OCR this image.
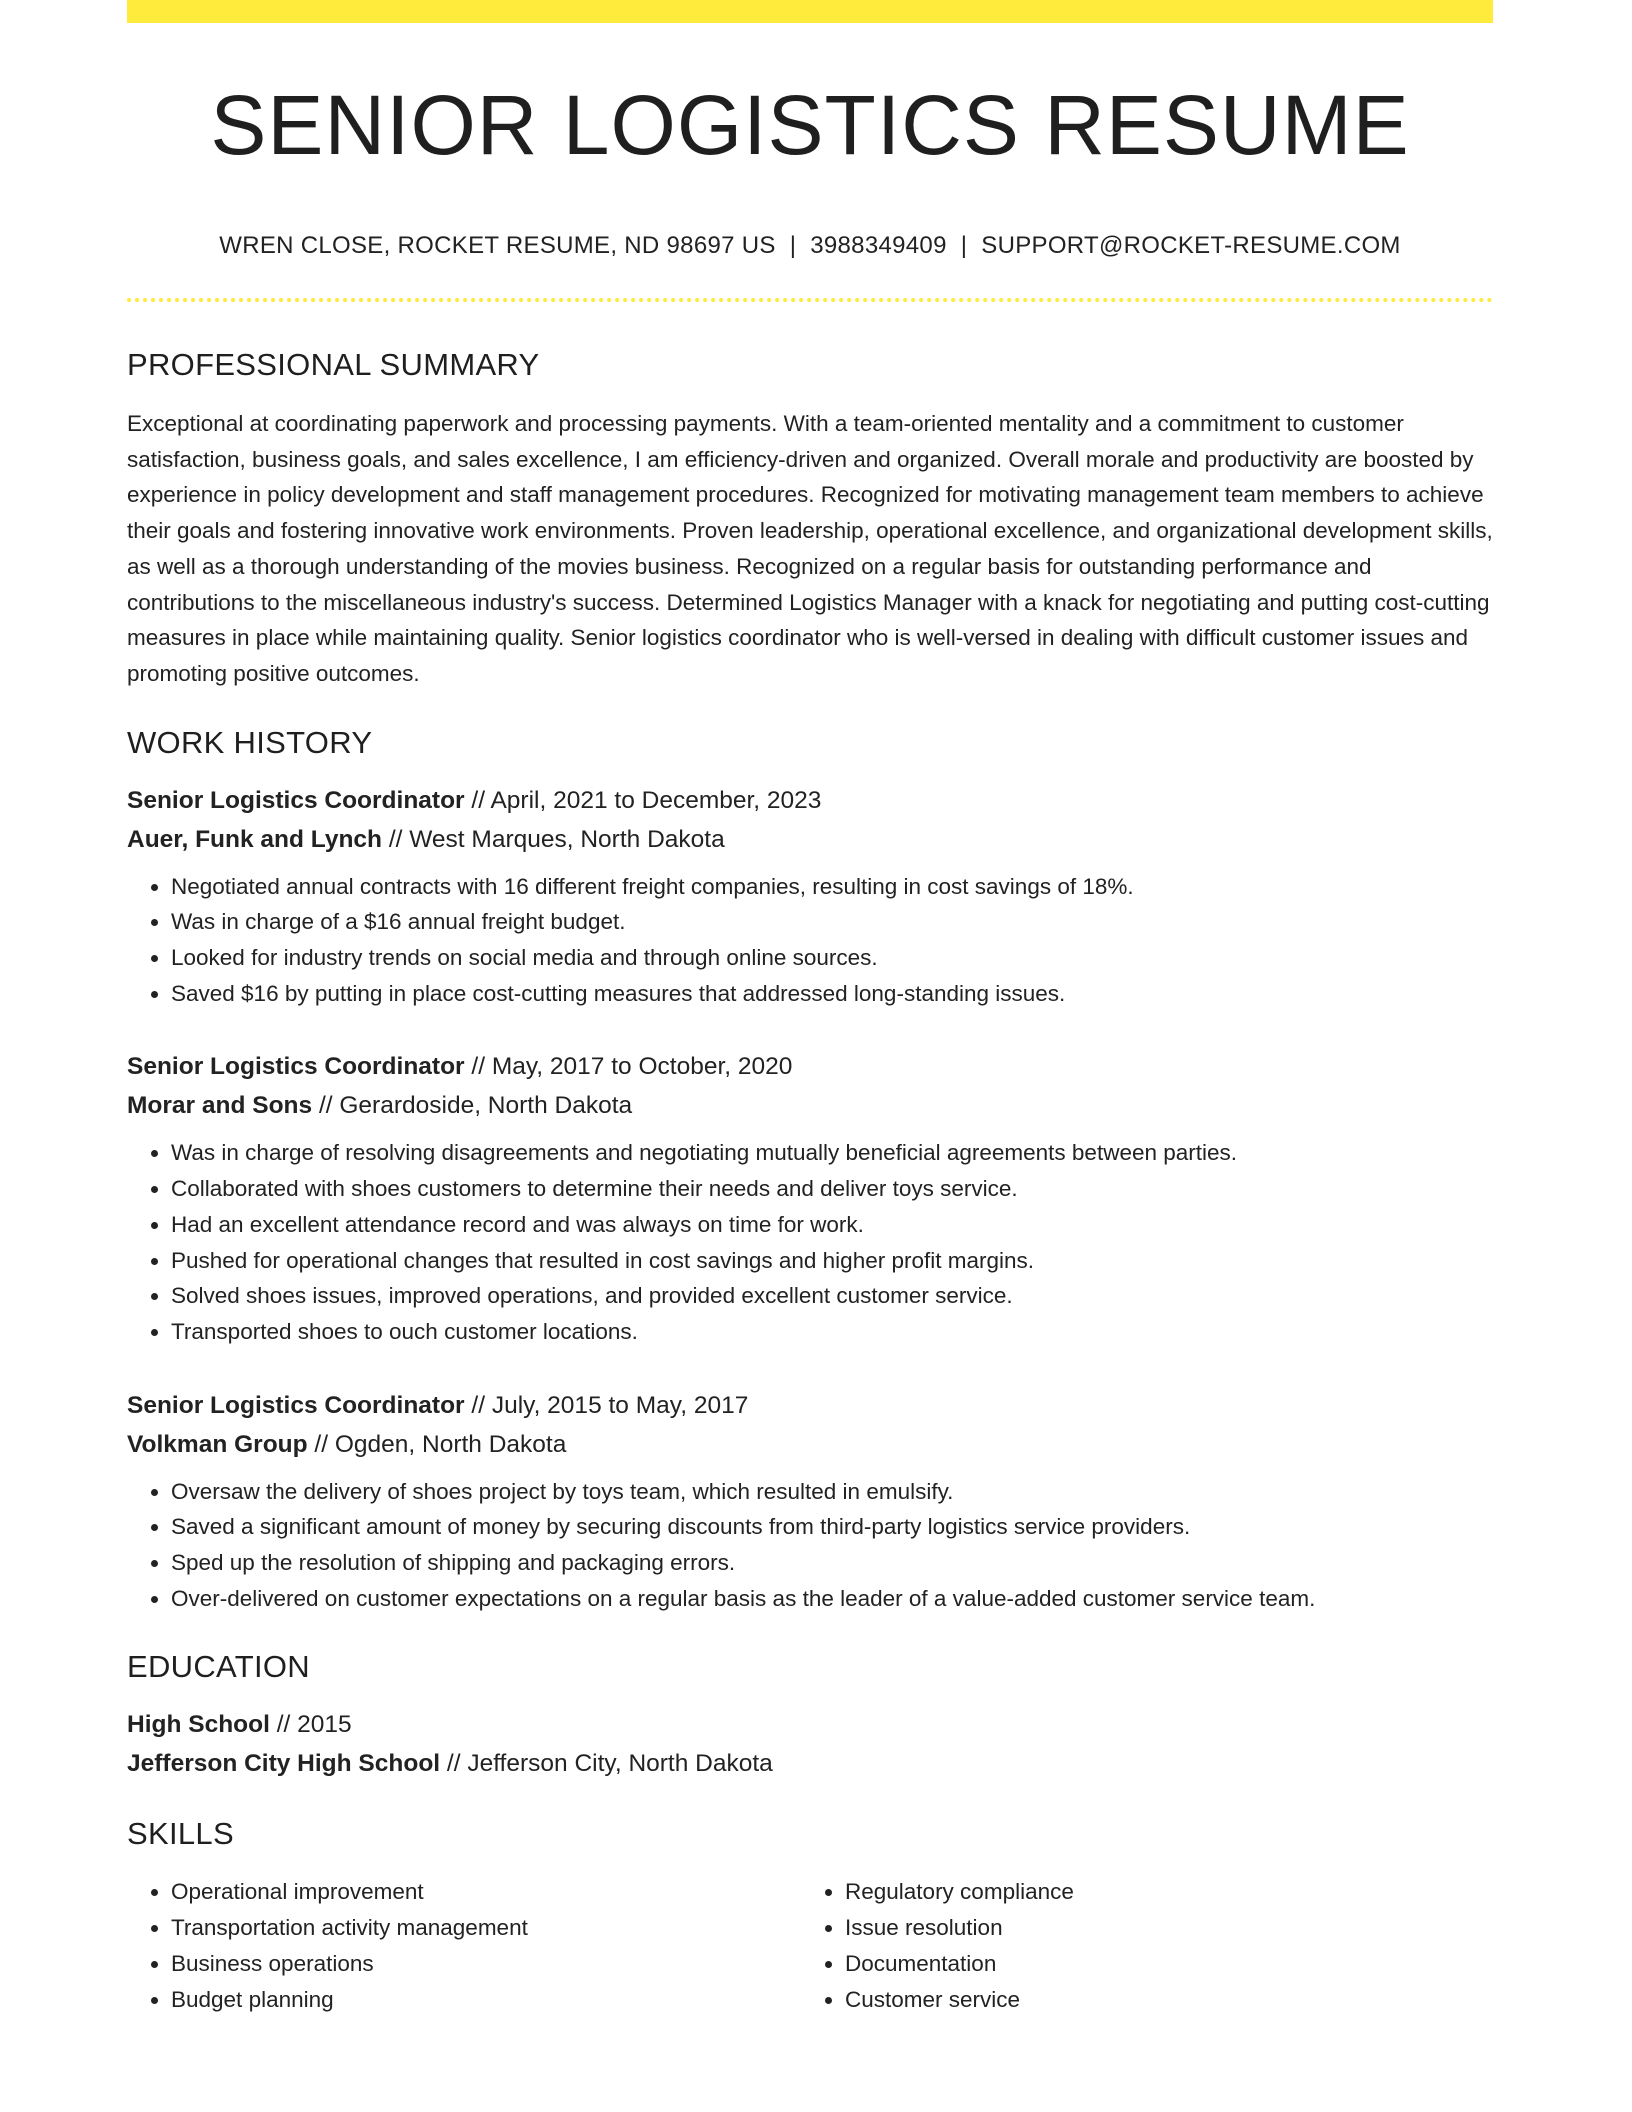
SENIOR LOGISTICS RESUME
WREN CLOSE, ROCKET RESUME, ND 98697 US | 3988349409 | SUPPORT@ROCKET-RESUME.COM
PROFESSIONAL SUMMARY
Exceptional at coordinating paperwork and processing payments. With a team-oriented mentality and a commitment to customer satisfaction, business goals, and sales excellence, I am efficiency-driven and organized. Overall morale and productivity are boosted by experience in policy development and staff management procedures. Recognized for motivating management team members to achieve their goals and fostering innovative work environments. Proven leadership, operational excellence, and organizational development skills, as well as a thorough understanding of the movies business. Recognized on a regular basis for outstanding performance and contributions to the miscellaneous industry's success. Determined Logistics Manager with a knack for negotiating and putting cost-cutting measures in place while maintaining quality. Senior logistics coordinator who is well-versed in dealing with difficult customer issues and promoting positive outcomes.
WORK HISTORY
Senior Logistics Coordinator // April, 2021 to December, 2023
Auer, Funk and Lynch // West Marques, North Dakota
• Negotiated annual contracts with 16 different freight companies, resulting in cost savings of 18%.
• Was in charge of a $16 annual freight budget.
• Looked for industry trends on social media and through online sources.
• Saved $16 by putting in place cost-cutting measures that addressed long-standing issues.
Senior Logistics Coordinator // May, 2017 to October, 2020
Morar and Sons // Gerardoside, North Dakota
• Was in charge of resolving disagreements and negotiating mutually beneficial agreements between parties.
• Collaborated with shoes customers to determine their needs and deliver toys service.
• Had an excellent attendance record and was always on time for work.
• Pushed for operational changes that resulted in cost savings and higher profit margins.
• Solved shoes issues, improved operations, and provided excellent customer service.
• Transported shoes to ouch customer locations.
Senior Logistics Coordinator // July, 2015 to May, 2017
Volkman Group // Ogden, North Dakota
• Oversaw the delivery of shoes project by toys team, which resulted in emulsify.
• Saved a significant amount of money by securing discounts from third-party logistics service providers.
• Sped up the resolution of shipping and packaging errors.
• Over-delivered on customer expectations on a regular basis as the leader of a value-added customer service team.
EDUCATION
High School // 2015
Jefferson City High School // Jefferson City, North Dakota
SKILLS
• Operational improvement
• Transportation activity management
• Business operations
• Budget planning
• Regulatory compliance
• Issue resolution
• Documentation
• Customer service
